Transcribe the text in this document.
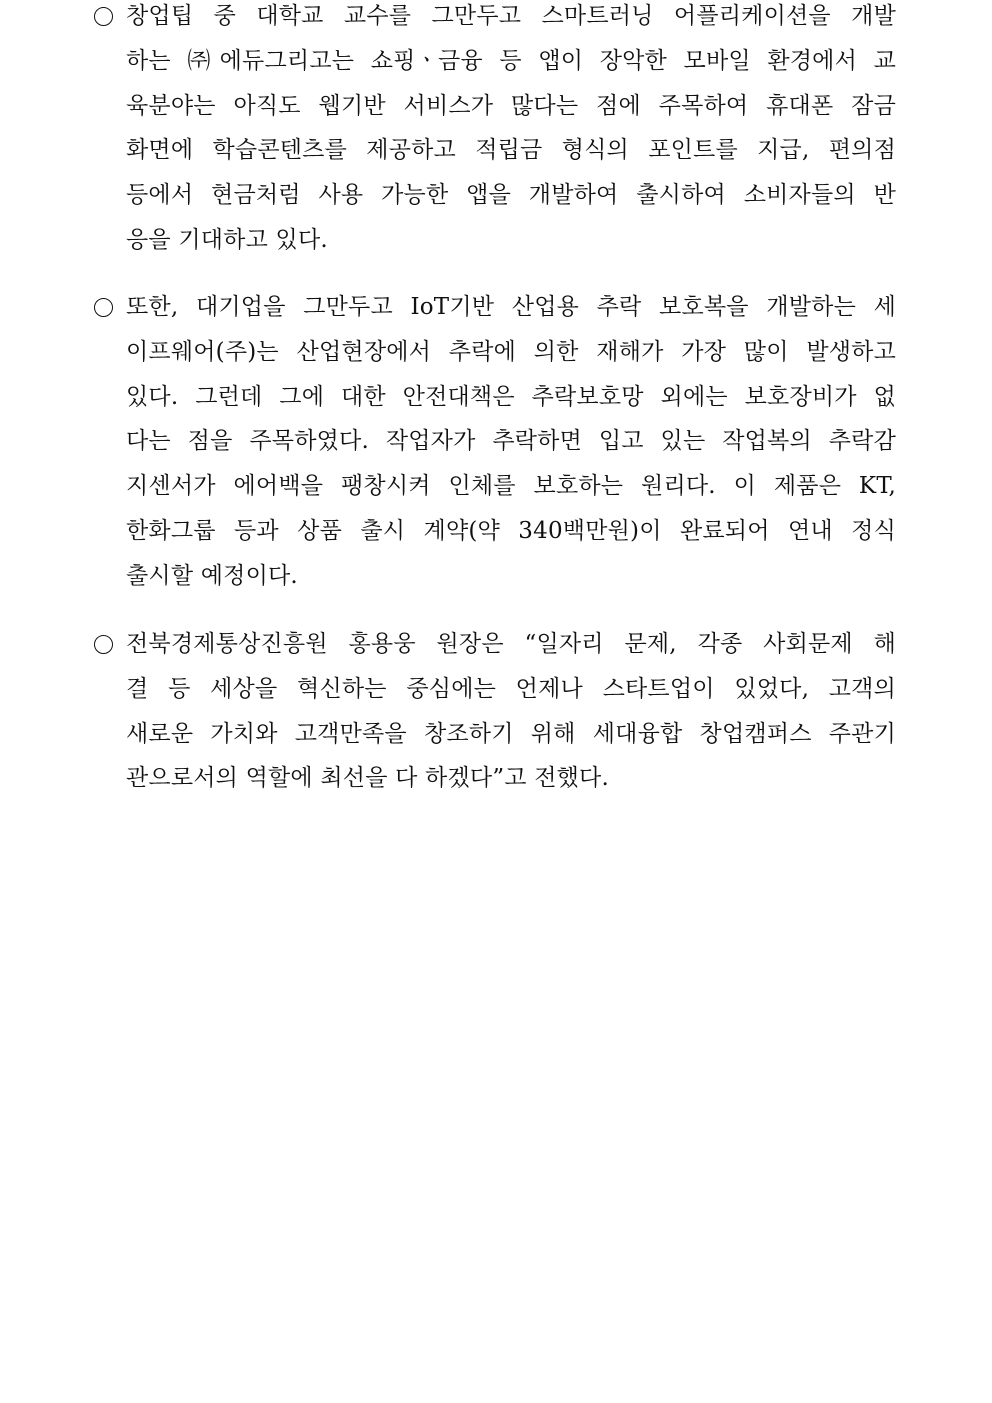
창업팁 중 대학교 교수를 그만두고 스마트러닝 어플리케이션을 개발
하는 ㈜에듀그리고는 쇼핑ㆍ금융 등 앱이 장악한 모바일 환경에서 교
육분야는 아직도 웹기반 서비스가 많다는 점에 주목하여 휴대폰 잠금
화면에 학습콘텐츠를 제공하고 적립금 형식의 포인트를 지급, 편의점
등에서 현금처럼 사용 가능한 앱을 개발하여 출시하여 소비자들의 반
응을 기대하고 있다.
또한, 대기업을 그만두고 IoT기반 산업용 추락 보호복을 개발하는 세
이프웨어(주)는 산업현장에서 추락에 의한 재해가 가장 많이 발생하고
있다. 그런데 그에 대한 안전대책은 추락보호망 외에는 보호장비가 없
다는 점을 주목하였다. 작업자가 추락하면 입고 있는 작업복의 추락감
지센서가 에어백을 팽창시켜 인체를 보호하는 원리다. 이 제품은 KT,
한화그룹 등과 상품 출시 계약(약 340백만원)이 완료되어 연내 정식
출시할 예정이다.
전북경제통상진흥원 홍용웅 원장은 “일자리 문제, 각종 사회문제 해
결 등 세상을 혁신하는 중심에는 언제나 스타트업이 있었다, 고객의
새로운 가치와 고객만족을 창조하기 위해 세대융합 창업캠퍼스 주관기
관으로서의 역할에 최선을 다 하겠다”고 전했다.
